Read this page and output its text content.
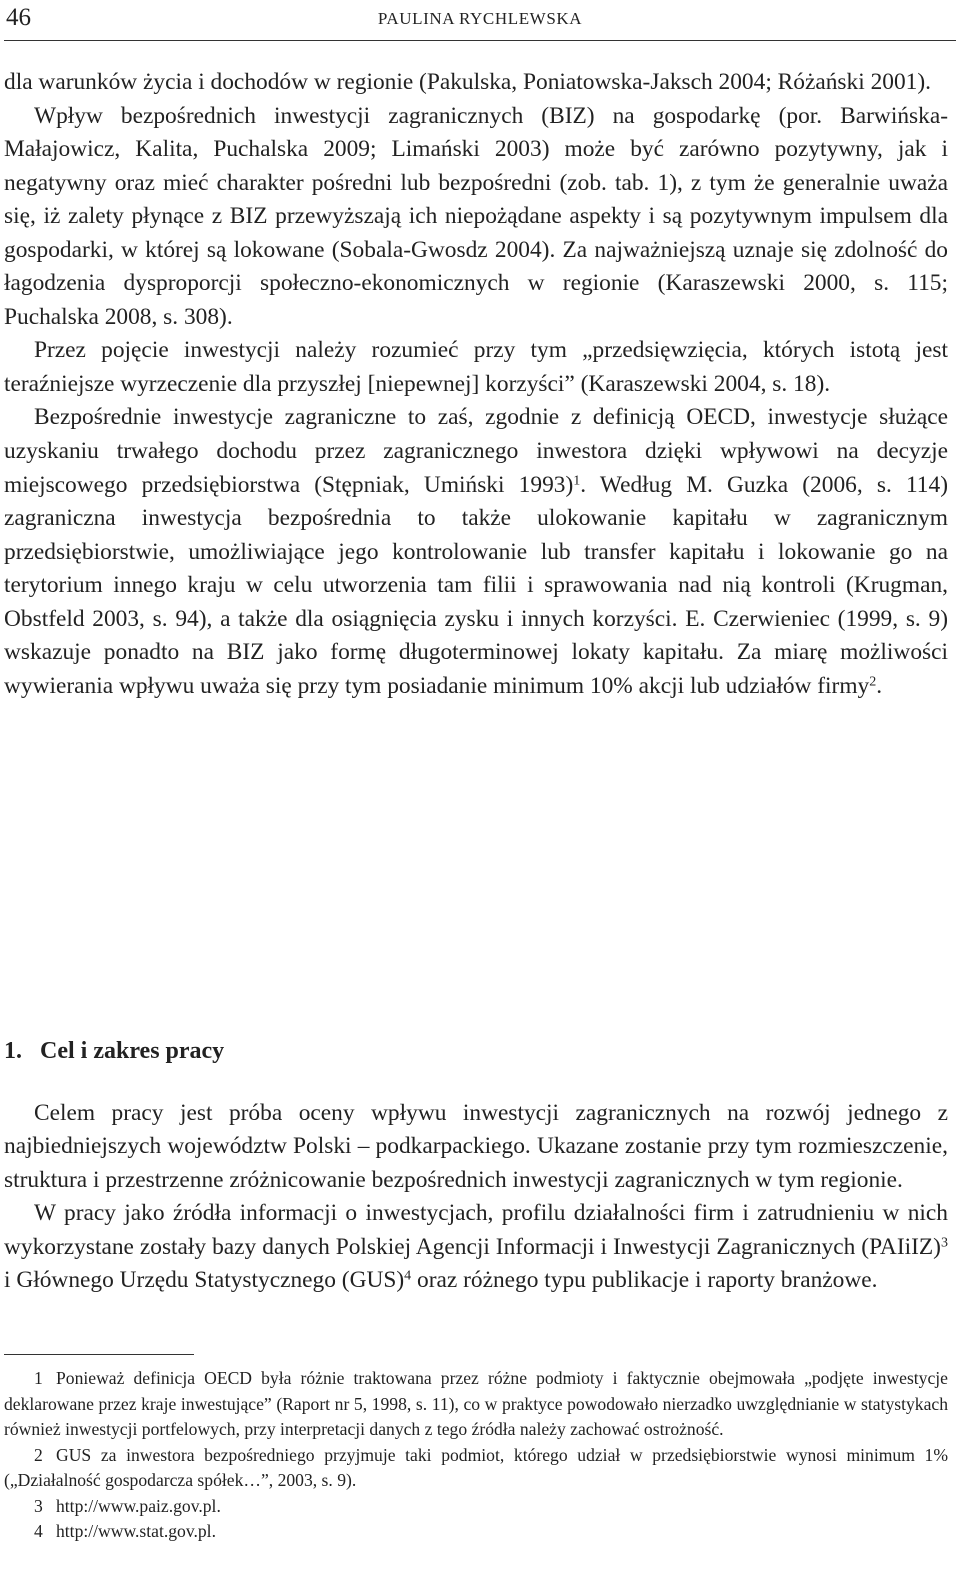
46	PAULINA RYCHLEWSKA

dla warunków życia i dochodów w regionie (Pakulska, Poniatowska-Jaksch 2004; Różański 2001).

Wpływ bezpośrednich inwestycji zagranicznych (BIZ) na gospodarkę (por. Barwińska-Małajowicz, Kalita, Puchalska 2009; Limański 2003) może być zarówno pozytywny, jak i negatywny oraz mieć charakter pośredni lub bezpośredni (zob. tab. 1), z tym że generalnie uważa się, iż zalety płynące z BIZ przewyższają ich niepożądane aspekty i są pozytywnym impulsem dla gospodarki, w której są lokowane (Sobala-Gwosdz 2004). Za najważniejszą uznaje się zdolność do łagodzenia dysproporcji społeczno-ekonomicznych w regionie (Karaszewski 2000, s. 115; Puchalska 2008, s. 308).

Przez pojęcie inwestycji należy rozumieć przy tym „przedsięwzięcia, których istotą jest teraźniejsze wyrzeczenie dla przyszłej [niepewnej] korzyści” (Karaszewski 2004, s. 18).

Bezpośrednie inwestycje zagraniczne to zaś, zgodnie z definicją OECD, inwestycje służące uzyskaniu trwałego dochodu przez zagranicznego inwestora dzięki wpływowi na decyzje miejscowego przedsiębiorstwa (Stępniak, Umiński 1993)$^1$. Według M. Guzka (2006, s. 114) zagraniczna inwestycja bezpośrednia to także ulokowanie kapitału w zagranicznym przedsiębiorstwie, umożliwiające jego kontrolowanie lub transfer kapitału i lokowanie go na terytorium innego kraju w celu utworzenia tam filii i sprawowania nad nią kontroli (Krugman, Obstfeld 2003, s. 94), a także dla osiągnięcia zysku i innych korzyści. E. Czerwieniec (1999, s. 9) wskazuje ponadto na BIZ jako formę długoterminowej lokaty kapitału. Za miarę możliwości wywierania wpływu uważa się przy tym posiadanie minimum 10% akcji lub udziałów firmy$^2$.

1. Cel i zakres pracy

Celem pracy jest próba oceny wpływu inwestycji zagranicznych na rozwój jednego z najbiedniejszych województw Polski – podkarpackiego. Ukazane zostanie przy tym rozmieszczenie, struktura i przestrzenne zróżnicowanie bezpośrednich inwestycji zagranicznych w tym regionie.

W pracy jako źródła informacji o inwestycjach, profilu działalności firm i zatrudnieniu w nich wykorzystane zostały bazy danych Polskiej Agencji Informacji i Inwestycji Zagranicznych (PAIiIZ)$^3$ i Głównego Urzędu Statystycznego (GUS)$^4$ oraz różnego typu publikacje i raporty branżowe.

1 Ponieważ definicja OECD była różnie traktowana przez różne podmioty i faktycznie obejmowała „podjęte inwestycje deklarowane przez kraje inwestujące” (Raport nr 5, 1998, s. 11), co w praktyce powodowało nierzadko uwzględnianie w statystykach również inwestycji portfelowych, przy interpretacji danych z tego źródła należy zachować ostrożność.

2 GUS za inwestora bezpośredniego przyjmuje taki podmiot, którego udział w przedsiębiorstwie wynosi minimum 1% („Działalność gospodarcza spółek…”, 2003, s. 9).

3 http://www.paiz.gov.pl.

4 http://www.stat.gov.pl.
